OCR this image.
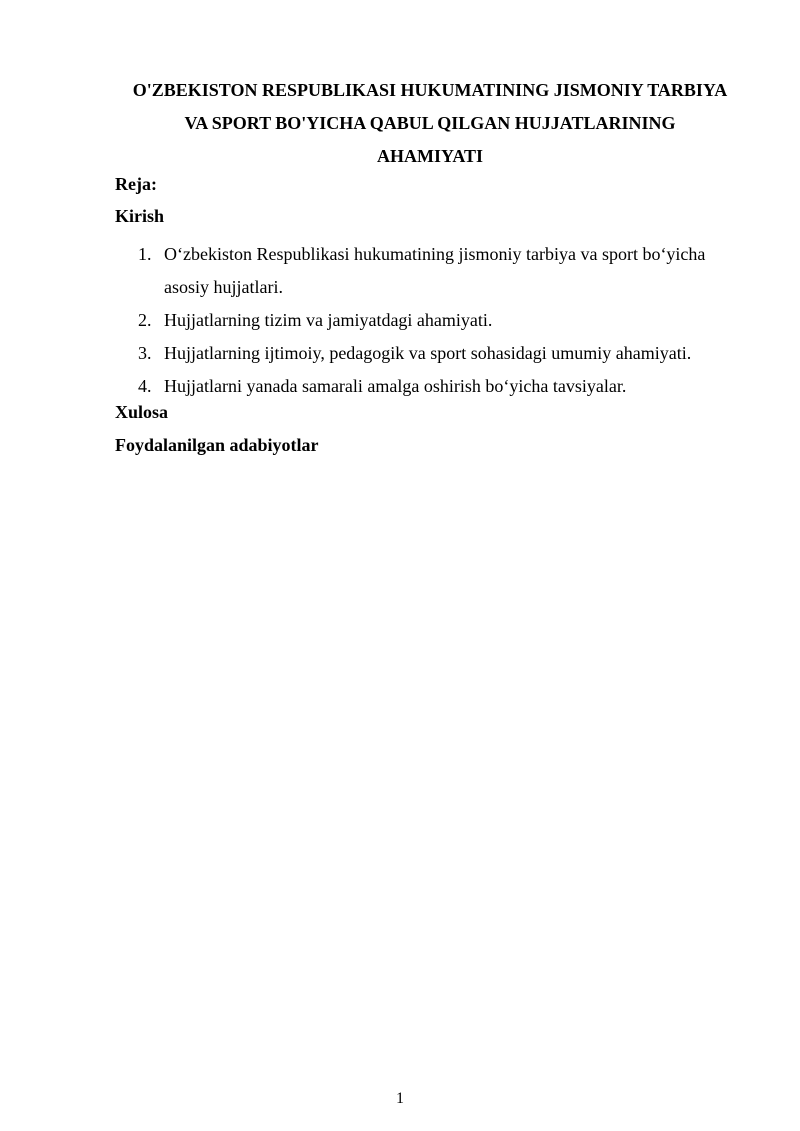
O'ZBEKISTON RESPUBLIKASI HUKUMATINING JISMONIY TARBIYA
VA SPORT BO'YICHA QABUL QILGAN HUJJATLARINING
AHAMIYATI

Reja:

Kirish

1. O‘zbekiston Respublikasi hukumatining jismoniy tarbiya va sport bo‘yicha
asosiy hujjatlari.
2. Hujjatlarning tizim va jamiyatdagi ahamiyati.
3. Hujjatlarning ijtimoiy, pedagogik va sport sohasidagi umumiy ahamiyati.
4. Hujjatlarni yanada samarali amalga oshirish bo‘yicha tavsiyalar.

Xulosa

Foydalanilgan adabiyotlar

1
